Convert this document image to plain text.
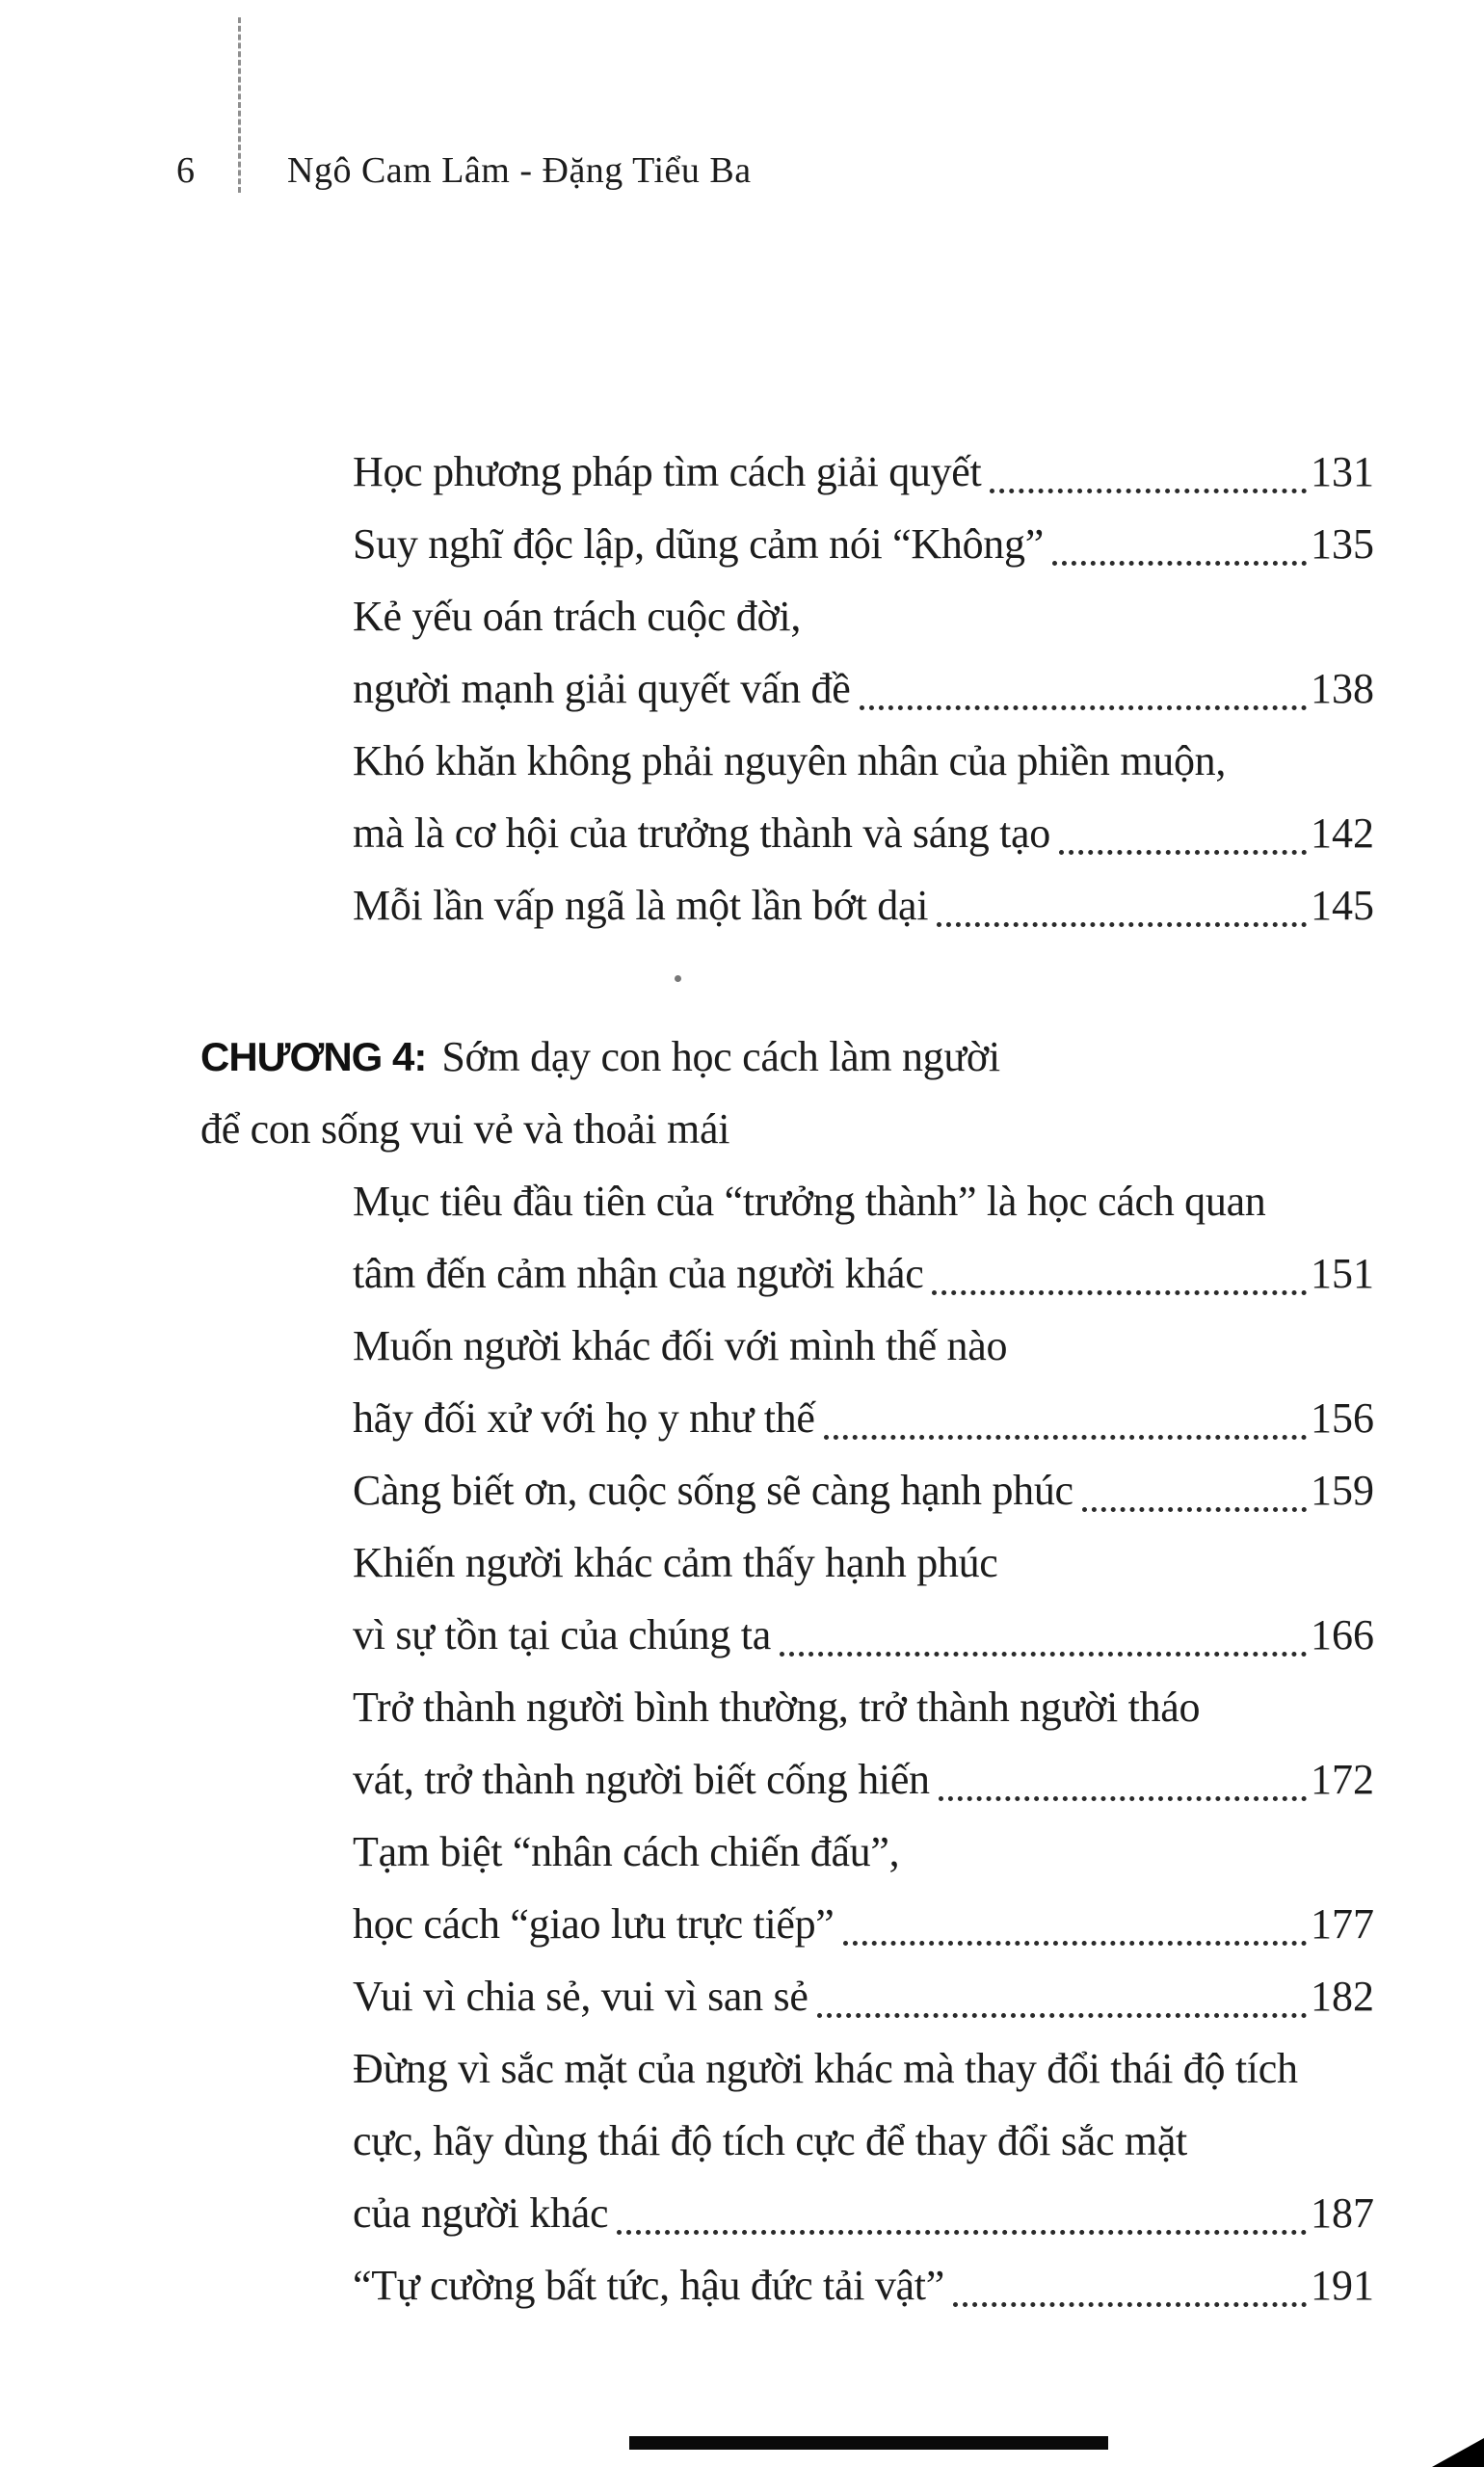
6	Ngô Cam Lâm - Đặng Tiểu Ba
Học phương pháp tìm cách giải quyết	131
Suy nghĩ độc lập, dũng cảm nói “Không”	135
Kẻ yếu oán trách cuộc đời,
người mạnh giải quyết vấn đề	138
Khó khăn không phải nguyên nhân của phiền muộn,
mà là cơ hội của trưởng thành và sáng tạo	142
Mỗi lần vấp ngã là một lần bớt dại	145
CHƯƠNG 4: Sớm dạy con học cách làm người
để con sống vui vẻ và thoải mái
Mục tiêu đầu tiên của “trưởng thành” là học cách quan
tâm đến cảm nhận của người khác	151
Muốn người khác đối với mình thế nào
hãy đối xử với họ y như thế	156
Càng biết ơn, cuộc sống sẽ càng hạnh phúc	159
Khiến người khác cảm thấy hạnh phúc
vì sự tồn tại của chúng ta	166
Trở thành người bình thường, trở thành người tháo
vát, trở thành người biết cống hiến	172
Tạm biệt “nhân cách chiến đấu”,
học cách “giao lưu trực tiếp”	177
Vui vì chia sẻ, vui vì san sẻ	182
Đừng vì sắc mặt của người khác mà thay đổi thái độ tích
cực, hãy dùng thái độ tích cực để thay đổi sắc mặt
của người khác	187
“Tự cường bất tức, hậu đức tải vật”	191
